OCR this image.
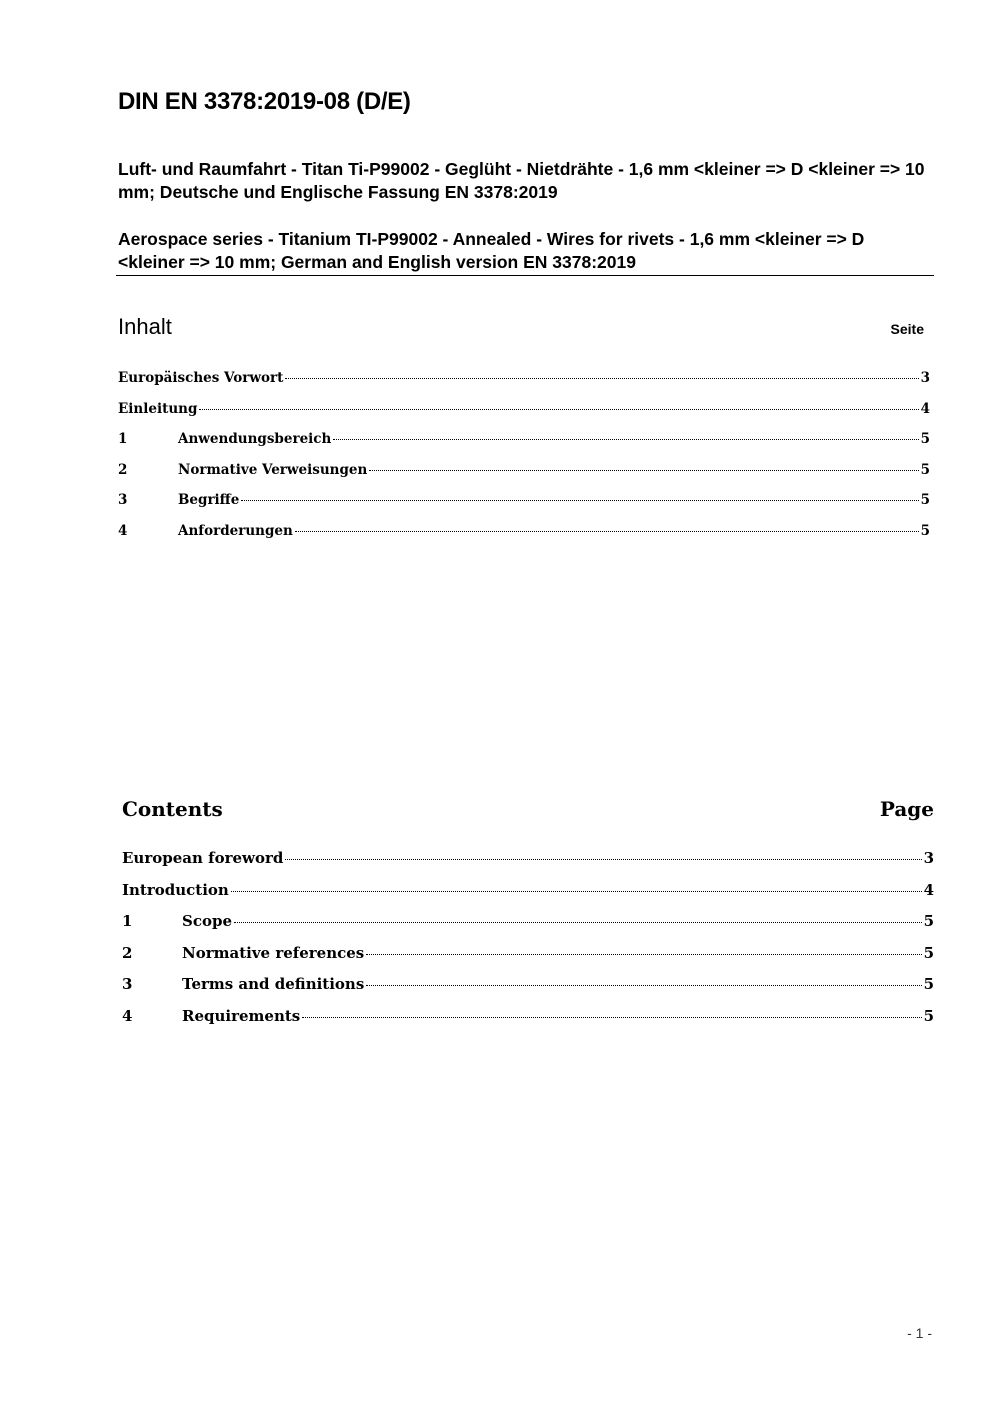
DIN EN 3378:2019-08 (D/E)
Luft- und Raumfahrt - Titan Ti-P99002 - Geglüht - Nietdrähte - 1,6 mm <kleiner => D <kleiner => 10 mm; Deutsche und Englische Fassung EN 3378:2019
Aerospace series - Titanium TI-P99002 - Annealed - Wires for rivets - 1,6 mm <kleiner => D <kleiner => 10 mm; German and English version EN 3378:2019
Inhalt	Seite
Europäisches Vorwort	3
Einleitung	4
1	Anwendungsbereich	5
2	Normative Verweisungen	5
3	Begriffe	5
4	Anforderungen	5
Contents	Page
European foreword	3
Introduction	4
1	Scope	5
2	Normative references	5
3	Terms and definitions	5
4	Requirements	5
- 1 -
